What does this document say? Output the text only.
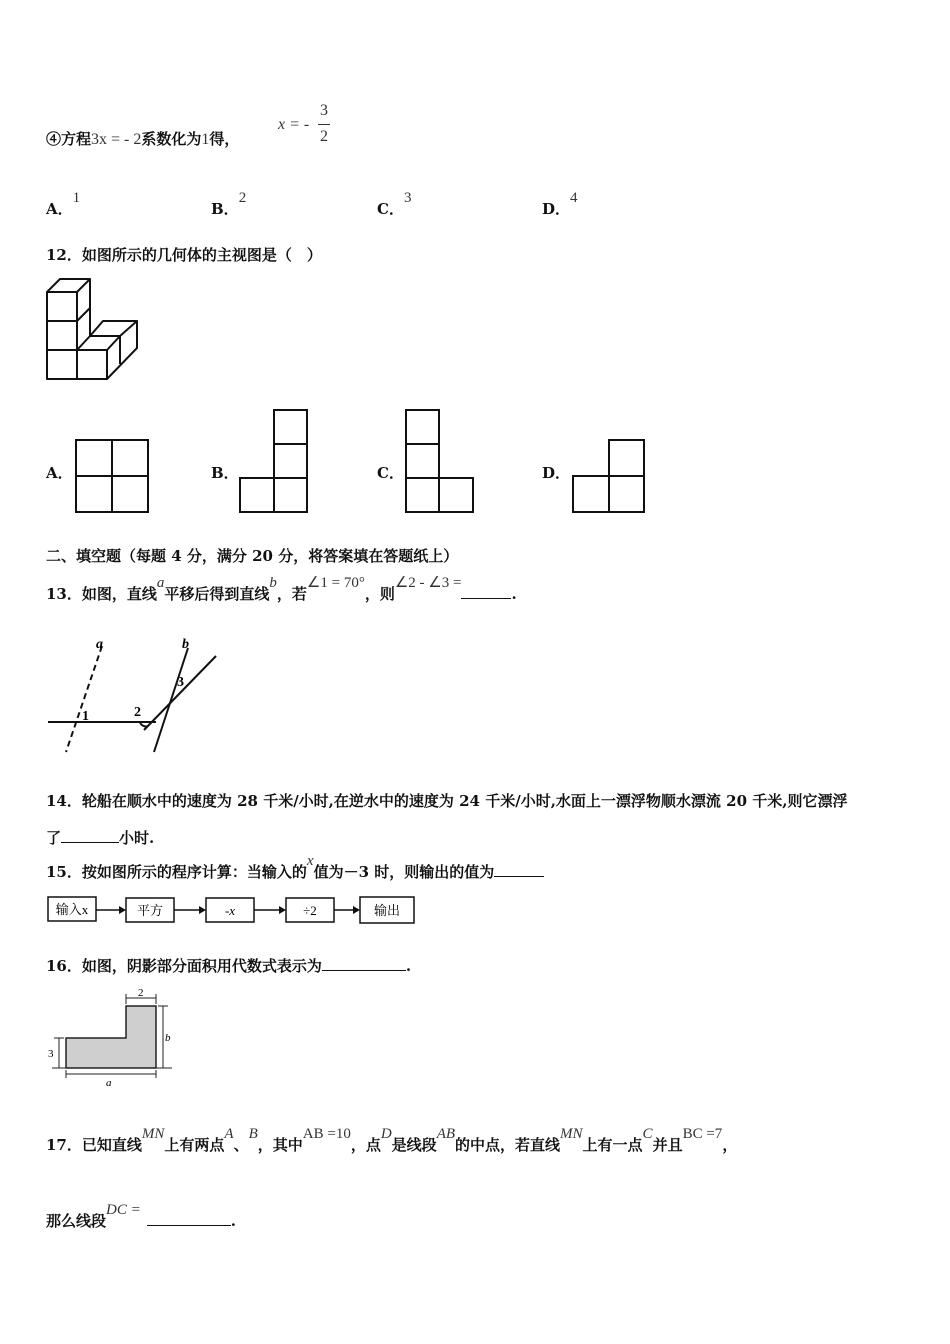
④方程3x = - 2系数化为1得，
x = -
3
2
A．1
B．2
C．3
D．4
12．如图所示的几何体的主视图是（　）
A．	B．	C．	D．
二、填空题（每题 4 分，满分 20 分，将答案填在答题纸上）
13．如图，直线a平移后得到直线b，若∠1 = 70°，则∠2 - ∠3 =.
a	b
1	2
3
14．轮船在顺水中的速度为 28 千米/小时,在逆水中的速度为 24 千米/小时,水面上一漂浮物顺水漂流 20 千米,则它漂浮
了	小时.
15．按如图所示的程序计算：当输入的x值为－3 时，则输出的值为
输入x	平方	-x	÷2	输出
16．如图，阴影部分面积用代数式表示为	.
2
b
3
a
17．已知直线MN上有两点A、B，其中AB =10，点D是线段AB的中点，若直线MN上有一点C并且BC =7，
那么线段DC =.
